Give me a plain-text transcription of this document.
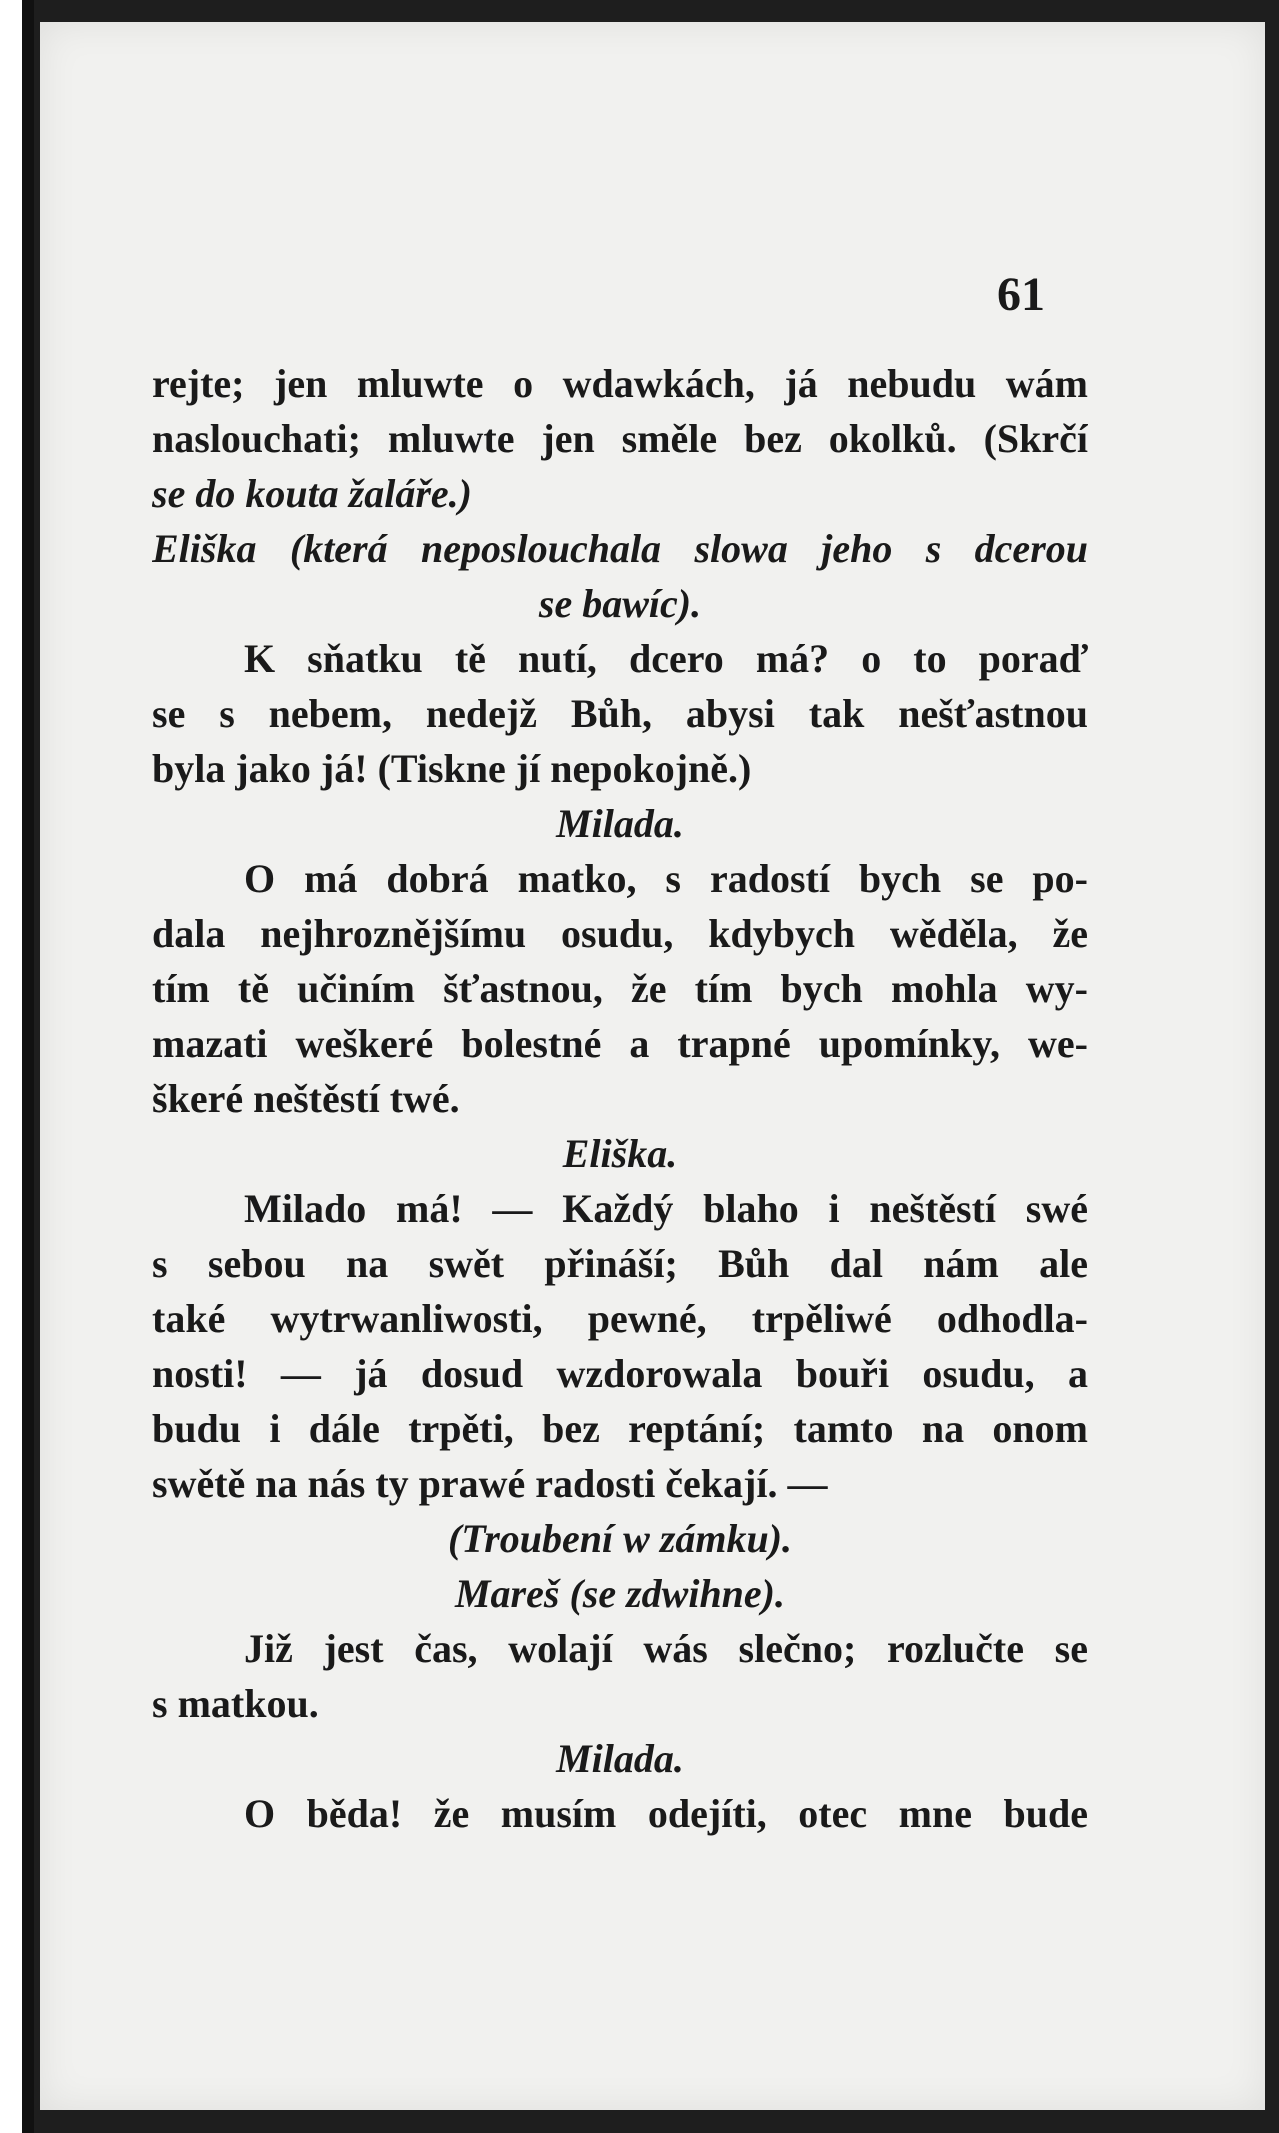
61
rejte; jen mluwte o wdawkách, já nebudu wám
naslouchati; mluwte jen směle bez okolků. (Skrčí
se do kouta žaláře.)
Eliška (která neposlouchala slowa jeho s dcerou
se bawíc).
K sňatku tě nutí, dcero má? o to poraď
se s nebem, nedejž Bůh, abysi tak nešťastnou
byla jako já! (Tiskne jí nepokojně.)
Milada.
O má dobrá matko, s radostí bych se po-
dala nejhroznějšímu osudu, kdybych wěděla, že
tím tě učiním šťastnou, že tím bych mohla wy-
mazati weškeré bolestné a trapné upomínky, we-
škeré neštěstí twé.
Eliška.
Milado má! — Každý blaho i neštěstí swé
s sebou na swět přináší; Bůh dal nám ale
také wytrwanliwosti, pewné, trpěliwé odhodla-
nosti! — já dosud wzdorowala bouři osudu, a
budu i dále trpěti, bez reptání; tamto na onom
swětě na nás ty prawé radosti čekají. —
(Troubení w zámku).
Mareš (se zdwihne).
Již jest čas, wolají wás slečno; rozlučte se
s matkou.
Milada.
O běda! že musím odejíti, otec mne bude
